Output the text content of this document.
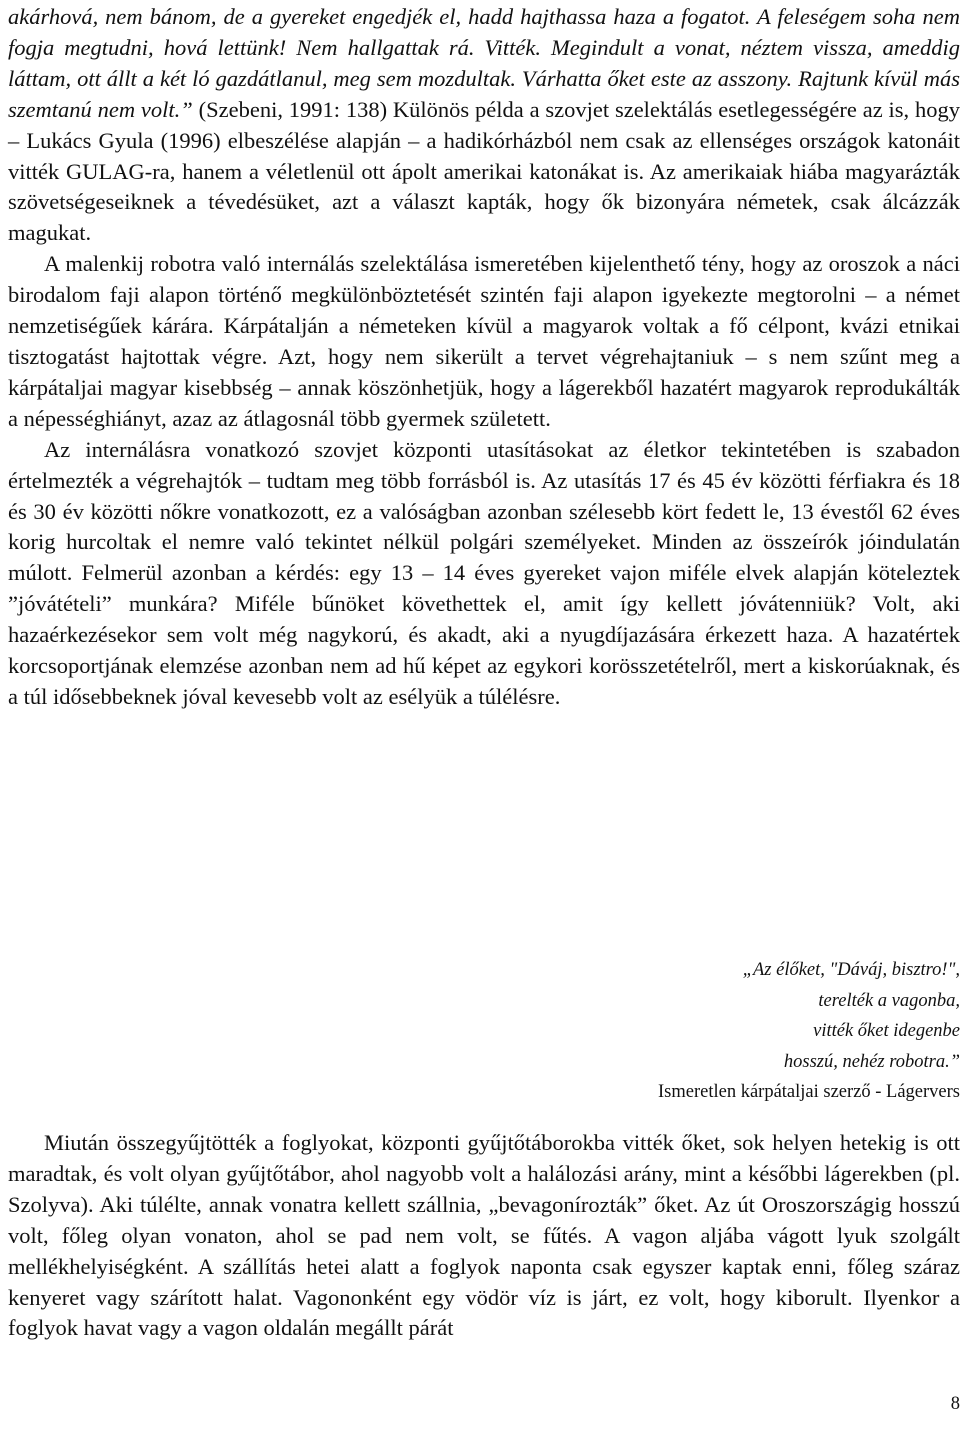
akárhová, nem bánom, de a gyereket engedjék el, hadd hajthassa haza a fogatot. A feleségem soha nem fogja megtudni, hová lettünk! Nem hallgattak rá. Vitték. Megindult a vonat, néztem vissza, ameddig láttam, ott állt a két ló gazdátlanul, meg sem mozdultak. Várhatta őket este az asszony. Rajtunk kívül más szemtanú nem volt.” (Szebeni, 1991: 138) Különös példa a szovjet szelektálás esetlegességére az is, hogy – Lukács Gyula (1996) elbeszélése alapján – a hadikórházból nem csak az ellenséges országok katonáit vitték GULAG-ra, hanem a véletlenül ott ápolt amerikai katonákat is. Az amerikaiak hiába magyarázták szövetségeseiknek a tévedésüket, azt a választ kapták, hogy ők bizonyára németek, csak álcázzák magukat.

A malenkij robotra való internálás szelektálása ismeretében kijelenthető tény, hogy az oroszok a náci birodalom faji alapon történő megkülönböztetését szintén faji alapon igyekezte megtorolni – a német nemzetiségűek kárára. Kárpátalján a németeken kívül a magyarok voltak a fő célpont, kvázi etnikai tisztogatást hajtottak végre. Azt, hogy nem sikerült a tervet végrehajtaniuk – s nem szűnt meg a kárpátaljai magyar kisebbség – annak köszönhetjük, hogy a lágerekből hazatért magyarok reprodukálták a népességhiányt, azaz az átlagosnál több gyermek született.

Az internálásra vonatkozó szovjet központi utasításokat az életkor tekintetében is szabadon értelmezték a végrehajtók – tudtam meg több forrásból is. Az utasítás 17 és 45 év közötti férfiakra és 18 és 30 év közötti nőkre vonatkozott, ez a valóságban azonban szélesebb kört fedett le, 13 évestől 62 éves korig hurcoltak el nemre való tekintet nélkül polgári személyeket. Minden az összeírók jóindulatán múlott. Felmerül azonban a kérdés: egy 13 – 14 éves gyereket vajon miféle elvek alapján köteleztek ”jóvátételi” munkára? Miféle bűnöket követhettek el, amit így kellett jóvátenniük? Volt, aki hazaérkezésekor sem volt még nagykorú, és akadt, aki a nyugdíjazására érkezett haza. A hazatértek korcsoportjának elemzése azonban nem ad hű képet az egykori korösszetételről, mert a kiskorúaknak, és a túl idősebbeknek jóval kevesebb volt az esélyük a túlélésre.

„Az élőket, "Dáváj, bisztro!",
terelték a vagonba,
vitték őket idegenbe
hosszú, nehéz robotra.”
Ismeretlen kárpátaljai szerző - Lágervers

Miután összegyűjtötték a foglyokat, központi gyűjtőtáborokba vitték őket, sok helyen hetekig is ott maradtak, és volt olyan gyűjtőtábor, ahol nagyobb volt a halálozási arány, mint a későbbi lágerekben (pl. Szolyva). Aki túlélte, annak vonatra kellett szállnia, „bevagonírozták” őket. Az út Oroszországig hosszú volt, főleg olyan vonaton, ahol se pad nem volt, se fűtés. A vagon aljába vágott lyuk szolgált mellékhelyiségként. A szállítás hetei alatt a foglyok naponta csak egyszer kaptak enni, főleg száraz kenyeret vagy szárított halat. Vagononként egy vödör víz is járt, ez volt, hogy kiborult. Ilyenkor a foglyok havat vagy a vagon oldalán megállt párát

8
